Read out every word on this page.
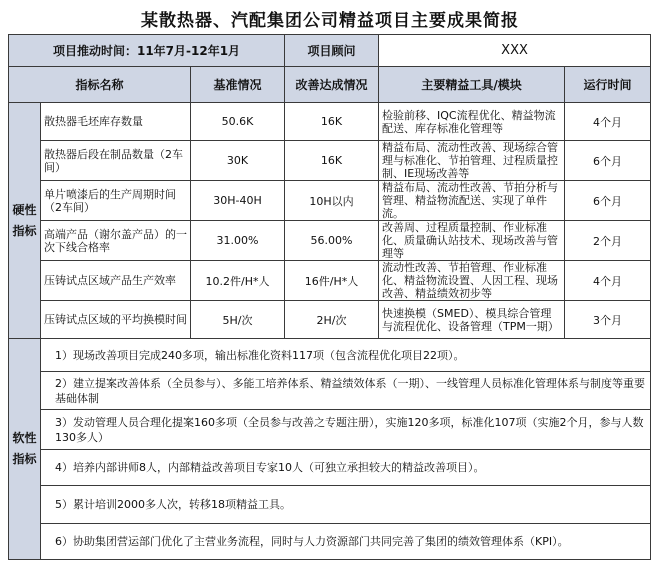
某散热器、汽配集团公司精益项目主要成果简报
项目推动时间：11年7月-12年1月			项目顾问	XXX	
指标名称		基准情况	改善达成情况	主要精益工具/模块	运行时间
硬性指标	散热器毛坯库存数量	50.6K	16K	检验前移、IQC流程优化、精益物流配送、库存标准化管理等	4个月
	散热器后段在制品数量（2车间）	30K	16K	精益布局、流动性改善、现场综合管理与标准化、节拍管理、过程质量控制、IE现场改善等	6个月
	单片喷漆后的生产周期时间（2车间）	30H-40H	10H以内	精益布局、流动性改善、节拍分析与管理、精益物流配送、实现了单件流。	6个月
	高端产品（谢尔盖产品）的一次下线合格率	31.00%	56.00%	改善周、过程质量控制、作业标准化、质量确认站技术、现场改善与管理等	2个月
	压铸试点区域产品生产效率	10.2件/H*人	16件/H*人	流动性改善、节拍管理、作业标准化、精益物流设置、人因工程、现场改善、精益绩效初步等	4个月
	压铸试点区域的平均换模时间	5H/次	2H/次	快速换模（SMED）、模具综合管理与流程优化、设备管理（TPM一期）	3个月
软性指标	1）现场改善项目完成240多项，输出标准化资料117项（包含流程优化项目22项）。				
	2）建立提案改善体系（全员参与）、多能工培养体系、精益绩效体系（一期）、一线管理人员标准化管理体系与制度等重要基础体制				
	3）发动管理人员合理化提案160多项（全员参与改善之专题注册），实施120多项，标准化107项（实施2个月，参与人数130多人）				
	4）培养内部讲师8人，内部精益改善项目专家10人（可独立承担较大的精益改善项目）。				
	5）累计培训2000多人次，转移18项精益工具。				
	6）协助集团营运部门优化了主营业务流程，同时与人力资源部门共同完善了集团的绩效管理体系（KPI）。				
